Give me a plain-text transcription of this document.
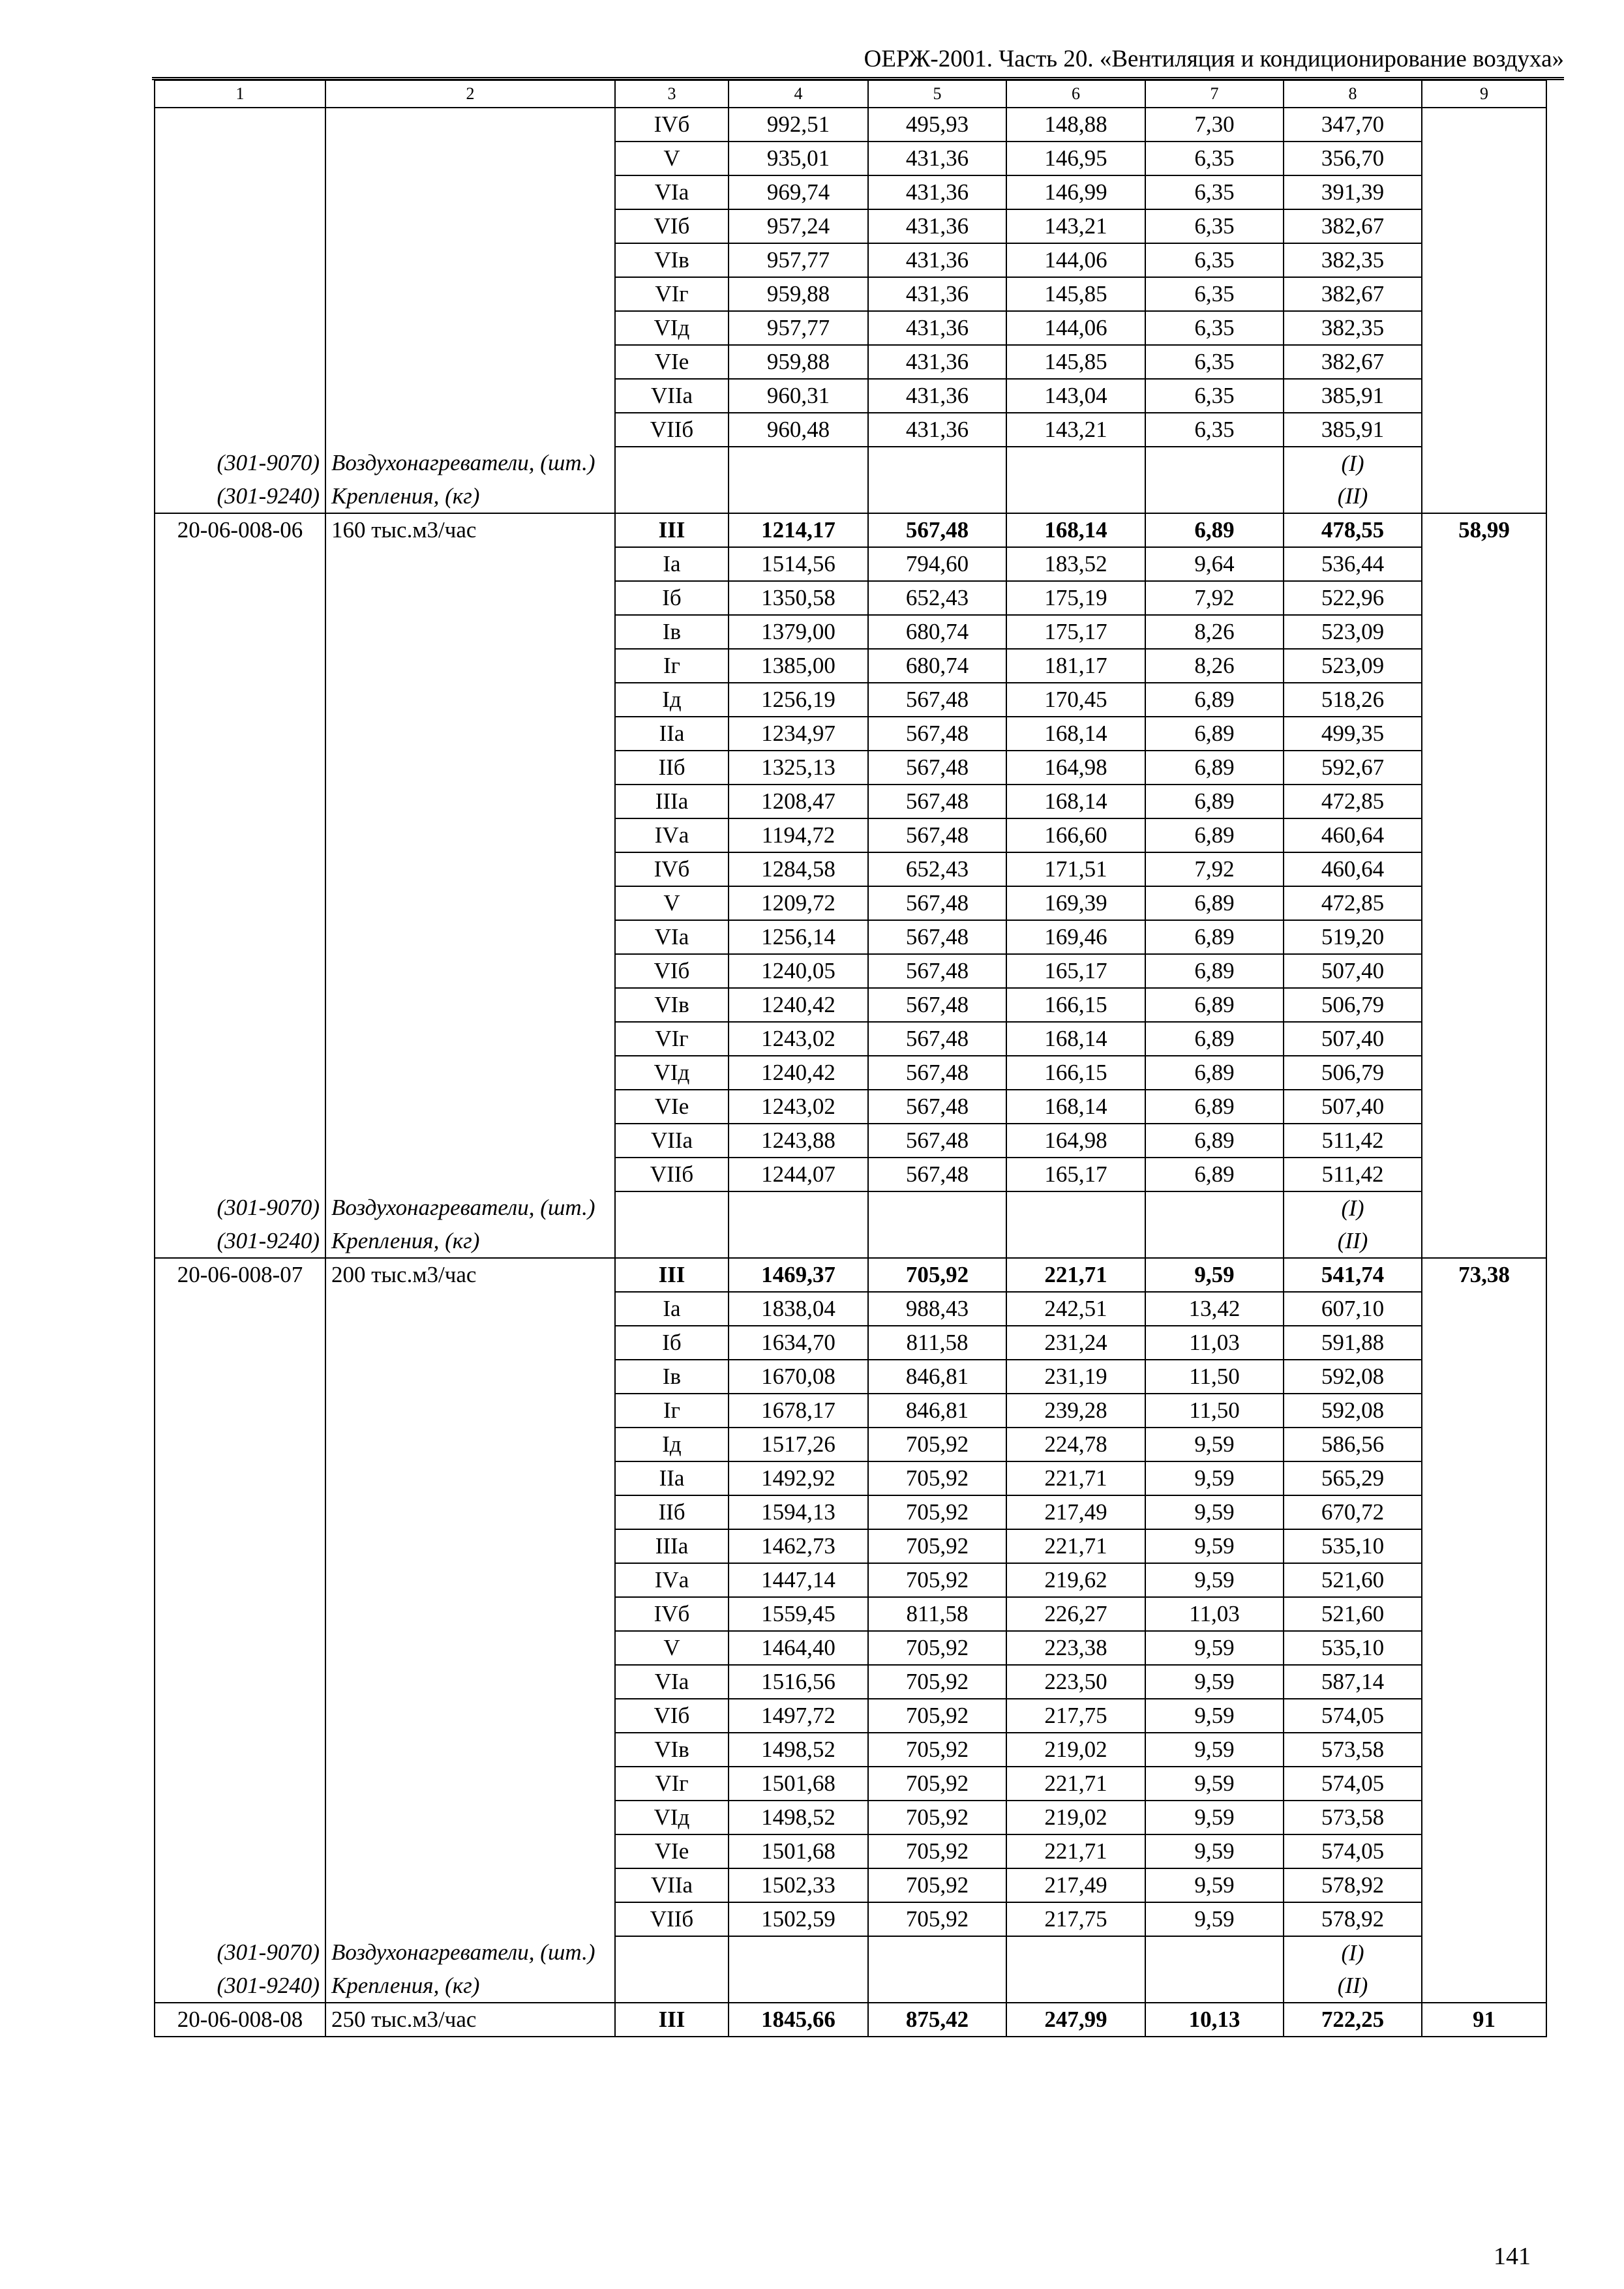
ОЕРЖ-2001. Часть 20. «Вентиляция и кондиционирование воздуха»
1	2	3	4	5	6	7	8	9
		IVб	992,51	495,93	148,88	7,30	347,70	
		V	935,01	431,36	146,95	6,35	356,70	
		VIа	969,74	431,36	146,99	6,35	391,39	
		VIб	957,24	431,36	143,21	6,35	382,67	
		VIв	957,77	431,36	144,06	6,35	382,35	
		VIг	959,88	431,36	145,85	6,35	382,67	
		VIд	957,77	431,36	144,06	6,35	382,35	
		VIе	959,88	431,36	145,85	6,35	382,67	
		VIIа	960,31	431,36	143,04	6,35	385,91	
		VIIб	960,48	431,36	143,21	6,35	385,91	
(301-9070)	Воздухонагреватели, (шт.)						(I)	
(301-9240)	Крепления, (кг)						(II)	
20-06-008-06	160 тыс.м3/час	III	1214,17	567,48	168,14	6,89	478,55	58,99
		Iа	1514,56	794,60	183,52	9,64	536,44	
		Iб	1350,58	652,43	175,19	7,92	522,96	
		Iв	1379,00	680,74	175,17	8,26	523,09	
		Iг	1385,00	680,74	181,17	8,26	523,09	
		Iд	1256,19	567,48	170,45	6,89	518,26	
		IIа	1234,97	567,48	168,14	6,89	499,35	
		IIб	1325,13	567,48	164,98	6,89	592,67	
		IIIа	1208,47	567,48	168,14	6,89	472,85	
		IVа	1194,72	567,48	166,60	6,89	460,64	
		IVб	1284,58	652,43	171,51	7,92	460,64	
		V	1209,72	567,48	169,39	6,89	472,85	
		VIа	1256,14	567,48	169,46	6,89	519,20	
		VIб	1240,05	567,48	165,17	6,89	507,40	
		VIв	1240,42	567,48	166,15	6,89	506,79	
		VIг	1243,02	567,48	168,14	6,89	507,40	
		VIд	1240,42	567,48	166,15	6,89	506,79	
		VIе	1243,02	567,48	168,14	6,89	507,40	
		VIIа	1243,88	567,48	164,98	6,89	511,42	
		VIIб	1244,07	567,48	165,17	6,89	511,42	
(301-9070)	Воздухонагреватели, (шт.)						(I)	
(301-9240)	Крепления, (кг)						(II)	
20-06-008-07	200 тыс.м3/час	III	1469,37	705,92	221,71	9,59	541,74	73,38
		Iа	1838,04	988,43	242,51	13,42	607,10	
		Iб	1634,70	811,58	231,24	11,03	591,88	
		Iв	1670,08	846,81	231,19	11,50	592,08	
		Iг	1678,17	846,81	239,28	11,50	592,08	
		Iд	1517,26	705,92	224,78	9,59	586,56	
		IIа	1492,92	705,92	221,71	9,59	565,29	
		IIб	1594,13	705,92	217,49	9,59	670,72	
		IIIа	1462,73	705,92	221,71	9,59	535,10	
		IVа	1447,14	705,92	219,62	9,59	521,60	
		IVб	1559,45	811,58	226,27	11,03	521,60	
		V	1464,40	705,92	223,38	9,59	535,10	
		VIа	1516,56	705,92	223,50	9,59	587,14	
		VIб	1497,72	705,92	217,75	9,59	574,05	
		VIв	1498,52	705,92	219,02	9,59	573,58	
		VIг	1501,68	705,92	221,71	9,59	574,05	
		VIд	1498,52	705,92	219,02	9,59	573,58	
		VIе	1501,68	705,92	221,71	9,59	574,05	
		VIIа	1502,33	705,92	217,49	9,59	578,92	
		VIIб	1502,59	705,92	217,75	9,59	578,92	
(301-9070)	Воздухонагреватели, (шт.)						(I)	
(301-9240)	Крепления, (кг)						(II)	
20-06-008-08	250 тыс.м3/час	III	1845,66	875,42	247,99	10,13	722,25	91
141
